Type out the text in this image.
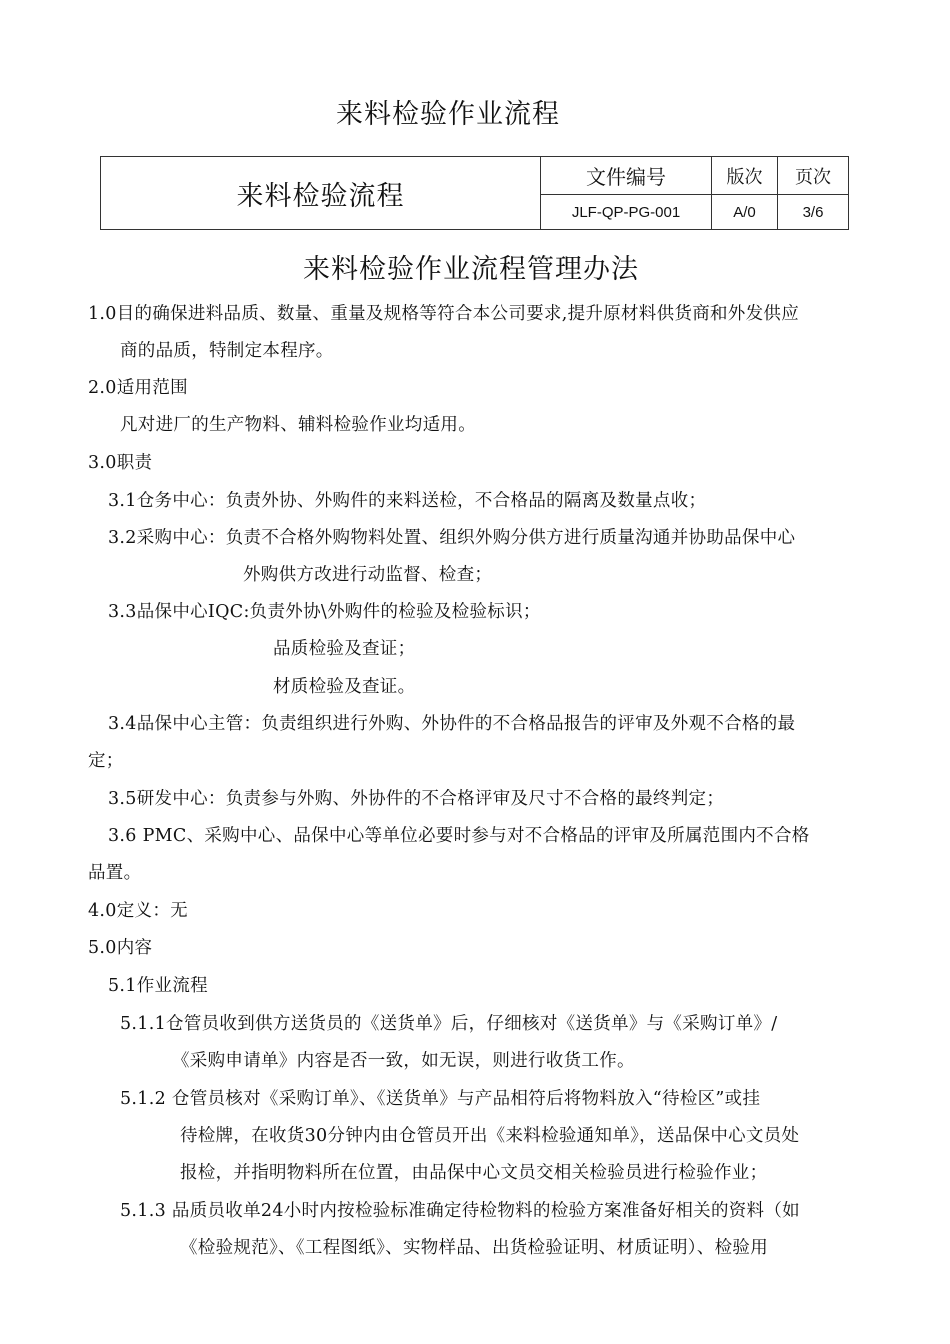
来料检验作业流程
来料检验流程
文件编号	版次 页次
JLF-QP-PG-001	A/0	3/6
来料检验作业流程管理办法
1.0目的确保进料品质、数量、重量及规格等符合本公司要求,提升原材料供货商和外发供应
商的品质，特制定本程序。
2.0适用范围
凡对进厂的生产物料、辅料检验作业均适用。
3.0职责
3.1仓务中心：负责外协、外购件的来料送检，不合格品的隔离及数量点收；
3.2采购中心：负责不合格外购物料处置、组织外购分供方进行质量沟通并协助品保中心
外购供方改进行动监督、检查；
3.3品保中心IQC:负责外协\外购件的检验及检验标识；
品质检验及查证；
材质检验及查证。
3.4品保中心主管：负责组织进行外购、外协件的不合格品报告的评审及外观不合格的最
定；
3.5研发中心：负责参与外购、外协件的不合格评审及尺寸不合格的最终判定；
3.6 PMC、采购中心、品保中心等单位必要时参与对不合格品的评审及所属范围内不合格
品置。
4.0定义：无
5.0内容
5.1作业流程
5.1.1仓管员收到供方送货员的《送货单》后，仔细核对《送货单》与《采购订单》/
《采购申请单》内容是否一致，如无误，则进行收货工作。
5.1.2 仓管员核对《采购订单》、《送货单》与产品相符后将物料放入“待检区”或挂
待检牌，在收货30分钟内由仓管员开出《来料检验通知单》，送品保中心文员处
报检，并指明物料所在位置，由品保中心文员交相关检验员进行检验作业；
5.1.3 品质员收单24小时内按检验标准确定待检物料的检验方案准备好相关的资料（如
《检验规范》、《工程图纸》、实物样品、出货检验证明、材质证明）、检验用
